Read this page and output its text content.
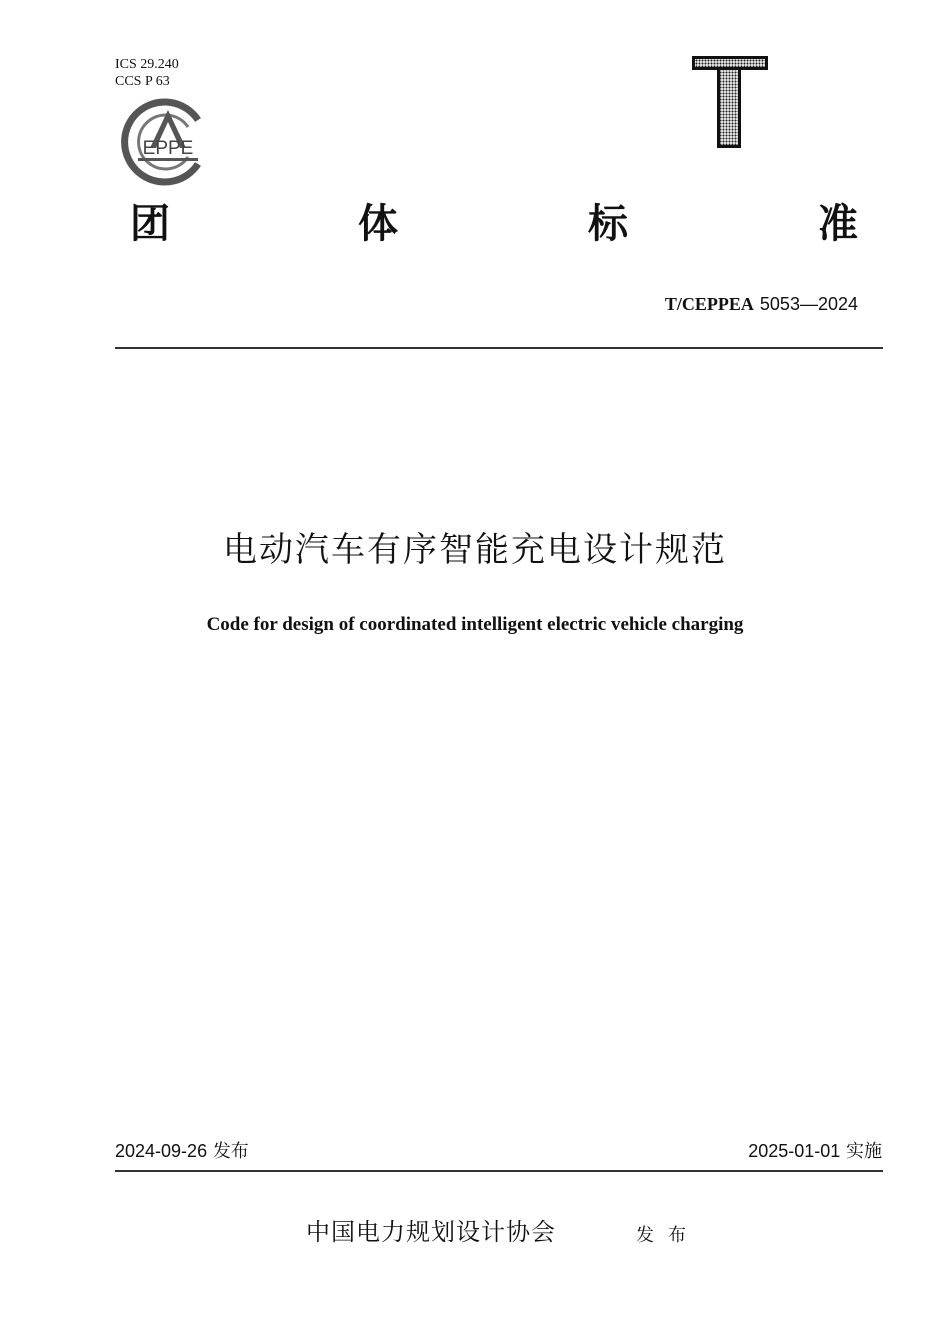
ICS 29.240
CCS P 63
EPPE
团	体	标	准
T/CEPPEA 5053—2024
电动汽车有序智能充电设计规范
Code for design of coordinated intelligent electric vehicle charging
2024-09-26 发布	2025-01-01 实施
中国电力规划设计协会	发布
